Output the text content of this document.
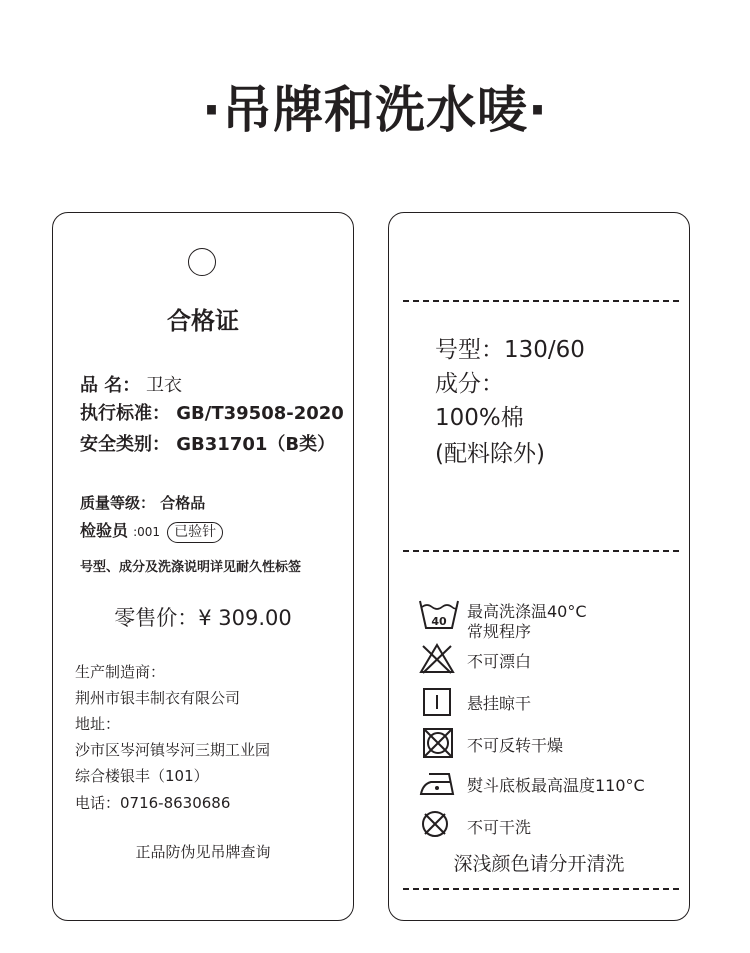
·吊牌和洗水唛·
合格证
品 名： 卫衣
执行标准： GB/T39508-2020
安全类别： GB31701（B类）
质量等级： 合格品
检验员 :001 已验针
号型、成分及洗涤说明详见耐久性标签
零售价：¥ 309.00
生产制造商：
荆州市银丰制衣有限公司
地址：
沙市区岑河镇岑河三期工业园
综合楼银丰（101）
电话：0716-8630686
正品防伪见吊牌查询
号型：130/60
成分：
100%棉
(配料除外)
40
最高洗涤温40°C
常规程序
不可漂白
悬挂晾干
不可反转干燥
熨斗底板最高温度110°C
不可干洗
深浅颜色请分开清洗
